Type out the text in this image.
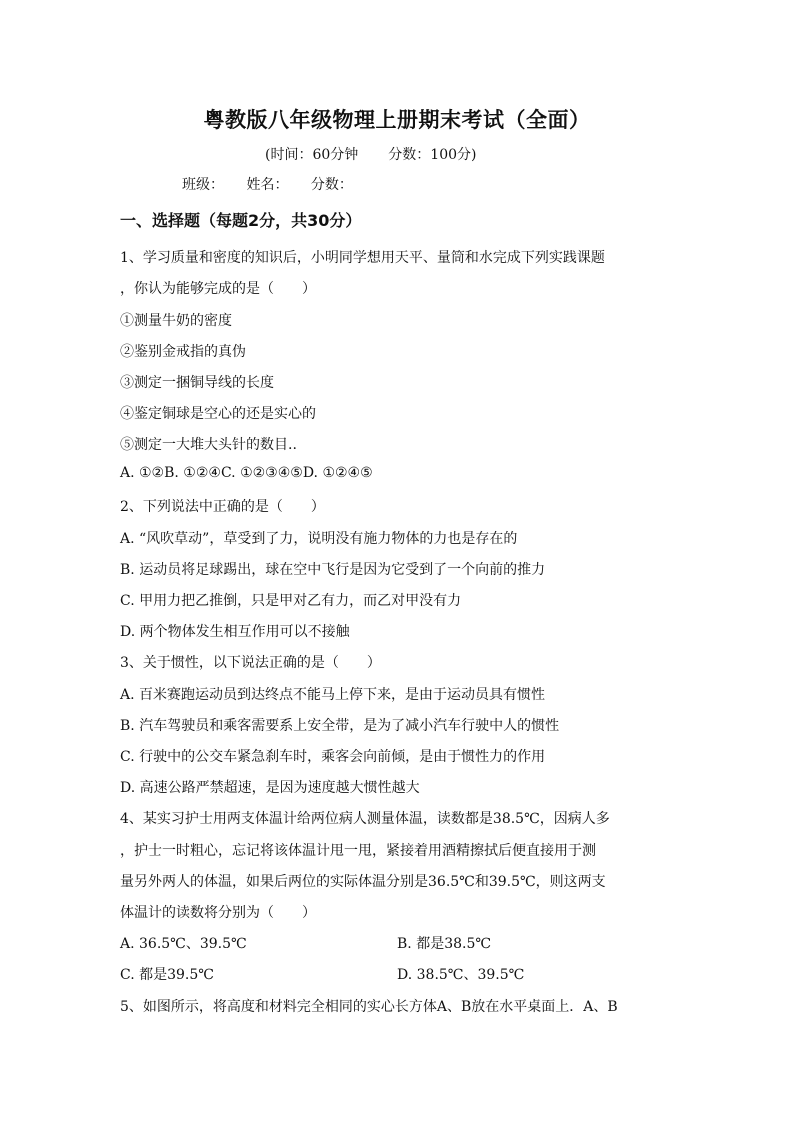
粤教版八年级物理上册期末考试（全面）
(时间：60分钟 分数：100分)
班级： 姓名： 分数：
一、选择题（每题2分，共30分）
1、学习质量和密度的知识后，小明同学想用天平、量筒和水完成下列实践课题
，你认为能够完成的是（　　）
①测量牛奶的密度
②鉴别金戒指的真伪
③测定一捆铜导线的长度
④鉴定铜球是空心的还是实心的
⑤测定一大堆大头针的数目..
A. ①②B. ①②④C. ①②③④⑤D. ①②④⑤
2、下列说法中正确的是（　　）
A. “风吹草动”，草受到了力，说明没有施力物体的力也是存在的
B. 运动员将足球踢出，球在空中飞行是因为它受到了一个向前的推力
C. 甲用力把乙推倒，只是甲对乙有力，而乙对甲没有力
D. 两个物体发生相互作用可以不接触
3、关于惯性，以下说法正确的是（　　）
A. 百米赛跑运动员到达终点不能马上停下来，是由于运动员具有惯性
B. 汽车驾驶员和乘客需要系上安全带，是为了减小汽车行驶中人的惯性
C. 行驶中的公交车紧急刹车时，乘客会向前倾，是由于惯性力的作用
D. 高速公路严禁超速，是因为速度越大惯性越大
4、某实习护士用两支体温计给两位病人测量体温，读数都是38.5℃，因病人多
，护士一时粗心，忘记将该体温计甩一甩，紧接着用酒精擦拭后便直接用于测
量另外两人的体温，如果后两位的实际体温分别是36.5℃和39.5℃，则这两支
体温计的读数将分别为（　　）
A. 36.5℃、39.5℃	B. 都是38.5℃
C. 都是39.5℃	D. 38.5℃、39.5℃
5、如图所示，将高度和材料完全相同的实心长方体A、B放在水平桌面上．A、B
